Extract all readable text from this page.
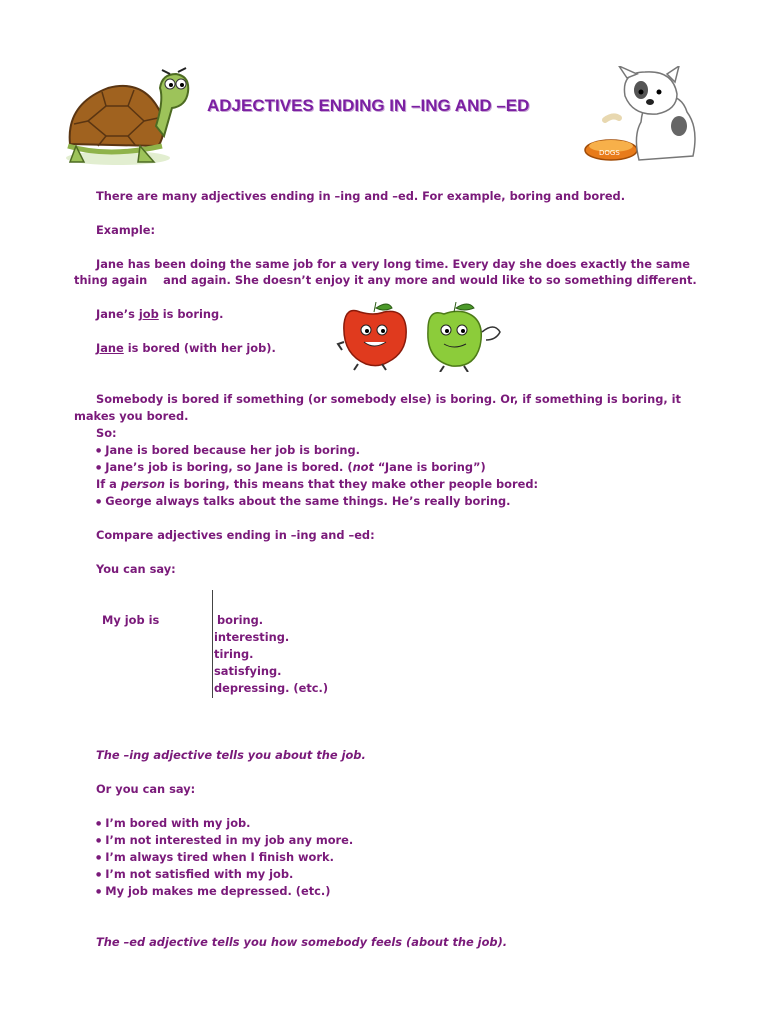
ADJECTIVES ENDING IN –ING AND –ED
DOGS
There are many adjectives ending in –ing and –ed. For example, boring and bored.
Example:
Jane has been doing the same job for a very long time. Every day she does exactly the same
thing again    and again. She doesn’t enjoy it any more and would like to so something different.
Jane’s job is boring.
Jane is bored (with her job).
Somebody is bored if something (or somebody else) is boring. Or, if something is boring, it
makes you bored.
So:
● Jane is bored because her job is boring.
● Jane’s job is boring, so Jane is bored. (not “Jane is boring”)
If a person is boring, this means that they make other people bored:
● George always talks about the same things. He’s really boring.
Compare adjectives ending in –ing and –ed:
You can say:
My job is	boring.
interesting.
tiring.
satisfying.
depressing. (etc.)
The –ing adjective tells you about the job.
Or you can say:
● I’m bored with my job.
● I’m not interested in my job any more.
● I’m always tired when I finish work.
● I’m not satisfied with my job.
● My job makes me depressed. (etc.)
The –ed adjective tells you how somebody feels (about the job).
